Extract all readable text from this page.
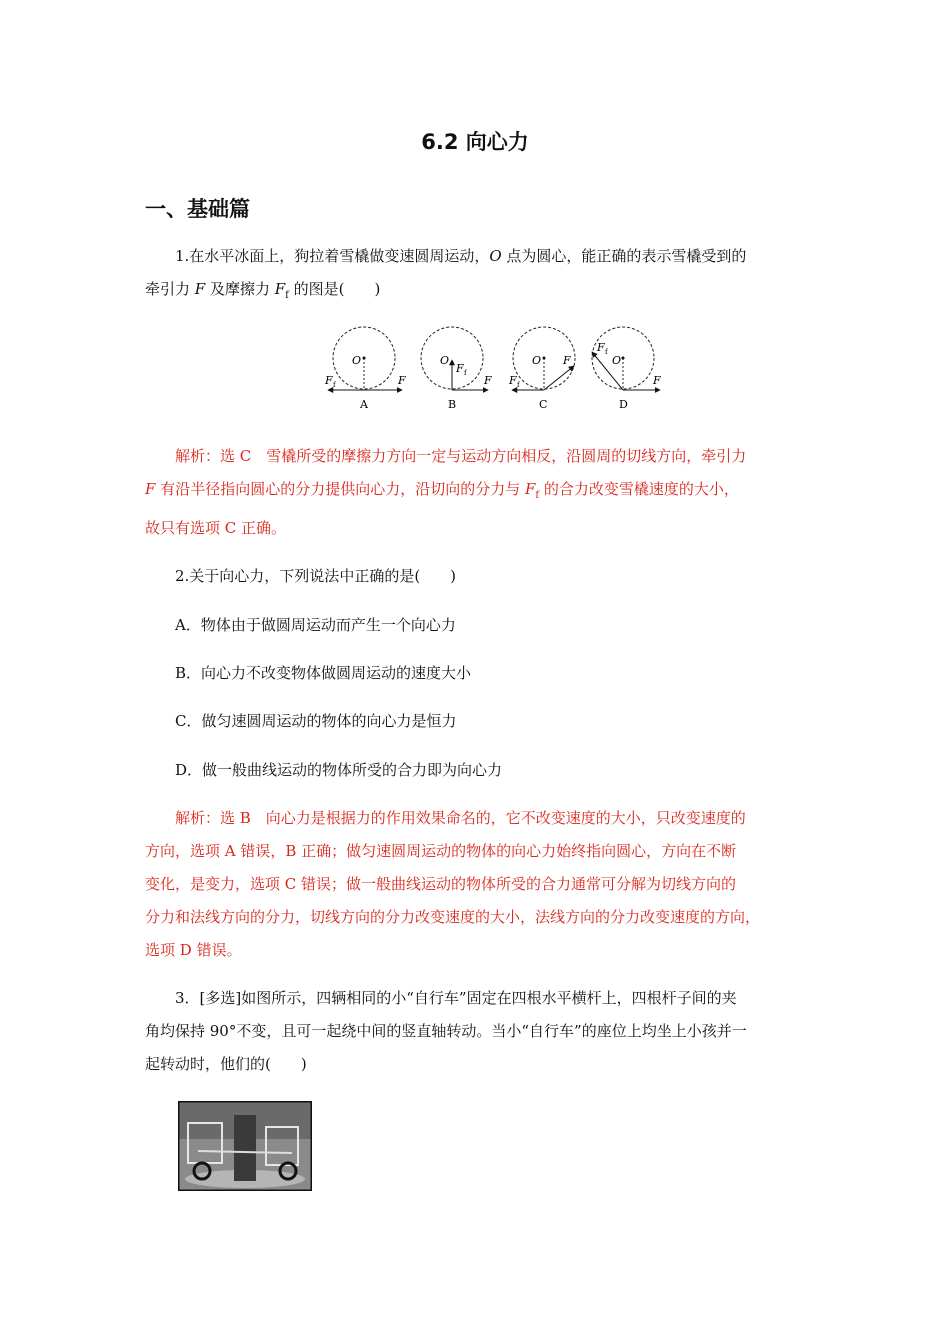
6.2 向心力
一、基础篇
1.在水平冰面上，狗拉着雪橇做变速圆周运动，O 点为圆心，能正确的表示雪橇受到的
牵引力 F 及摩擦力 $F_f$ 的图是(　　)
O
F f	F
A
O
F f
F
B
O F
F f
C
O
F f
F
D
解析：选 C　雪橇所受的摩擦力方向一定与运动方向相反，沿圆周的切线方向，牵引力
F 有沿半径指向圆心的分力提供向心力，沿切向的分力与 $F_f$ 的合力改变雪橇速度的大小，
故只有选项 C 正确。
2.关于向心力，下列说法中正确的是(　　)
A．物体由于做圆周运动而产生一个向心力
B．向心力不改变物体做圆周运动的速度大小
C．做匀速圆周运动的物体的向心力是恒力
D．做一般曲线运动的物体所受的合力即为向心力
解析：选 B　向心力是根据力的作用效果命名的，它不改变速度的大小，只改变速度的
方向，选项 A 错误，B 正确；做匀速圆周运动的物体的向心力始终指向圆心，方向在不断
变化，是变力，选项 C 错误；做一般曲线运动的物体所受的合力通常可分解为切线方向的
分力和法线方向的分力，切线方向的分力改变速度的大小，法线方向的分力改变速度的方向，
选项 D 错误。
3．[多选]如图所示，四辆相同的小“自行车”固定在四根水平横杆上，四根杆子间的夹
角均保持 90°不变，且可一起绕中间的竖直轴转动。当小“自行车”的座位上均坐上小孩并一
起转动时，他们的(　　)
